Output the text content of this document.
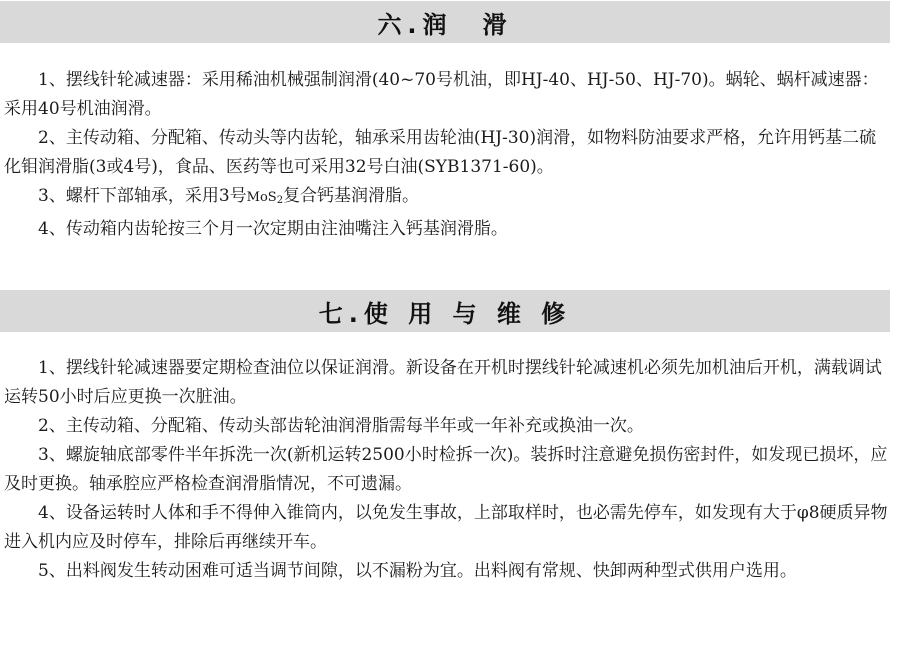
六.润　滑

1、摆线针轮减速器：采用稀油机械强制润滑(40~70号机油，即HJ-40、HJ-50、HJ-70)。蜗轮、蜗杆减速器：采用40号机油润滑。

2、主传动箱、分配箱、传动头等内齿轮，轴承采用齿轮油(HJ-30)润滑，如物料防油要求严格，允许用钙基二硫化钼润滑脂(3或4号)，食品、医药等也可采用32号白油(SYB1371-60)。

3、螺杆下部轴承，采用3号MoS$_2$复合钙基润滑脂。

4、传动箱内齿轮按三个月一次定期由注油嘴注入钙基润滑脂。

七.使 用 与 维 修

1、摆线针轮减速器要定期检查油位以保证润滑。新设备在开机时摆线针轮减速机必须先加机油后开机，满载调试运转50小时后应更换一次脏油。

2、主传动箱、分配箱、传动头部齿轮油润滑脂需每半年或一年补充或换油一次。

3、螺旋轴底部零件半年拆洗一次(新机运转2500小时检拆一次)。装拆时注意避免损伤密封件，如发现已损坏，应及时更换。轴承腔应严格检查润滑脂情况，不可遗漏。

4、设备运转时人体和手不得伸入锥筒内，以免发生事故，上部取样时，也必需先停车，如发现有大于φ8硬质异物进入机内应及时停车，排除后再继续开车。

5、出料阀发生转动困难可适当调节间隙，以不漏粉为宜。出料阀有常规、快卸两种型式供用户选用。
